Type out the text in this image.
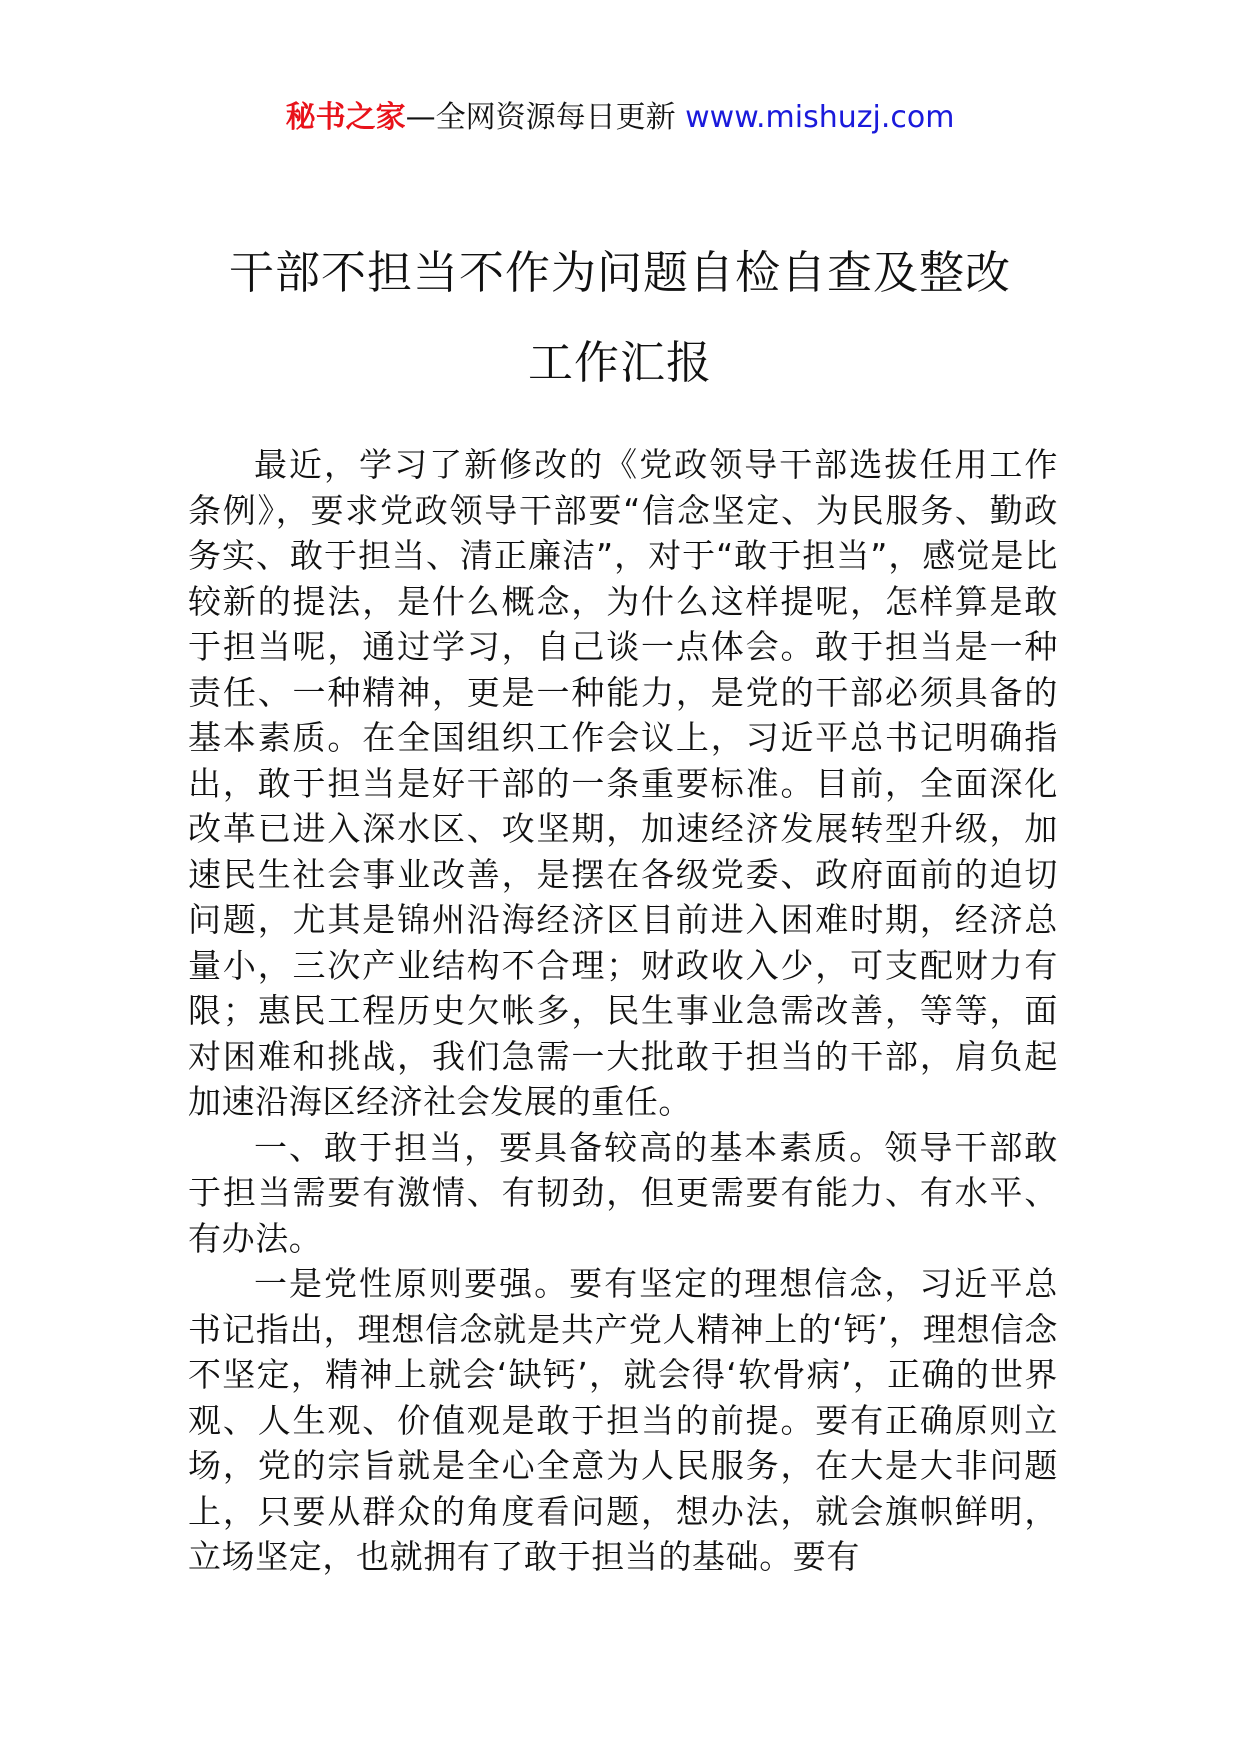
秘书之家—全网资源每日更新 www.mishuzj.com
干部不担当不作为问题自检自查及整改
工作汇报

最近，学习了新修改的《党政领导干部选拔任用工作条例》，要求党政领导干部要“信念坚定、为民服务、勤政务实、敢于担当、清正廉洁”，对于“敢于担当”，感觉是比较新的提法，是什么概念，为什么这样提呢，怎样算是敢于担当呢，通过学习，自己谈一点体会。敢于担当是一种责任、一种精神，更是一种能力，是党的干部必须具备的基本素质。在全国组织工作会议上，习近平总书记明确指出，敢于担当是好干部的一条重要标准。目前，全面深化改革已进入深水区、攻坚期，加速经济发展转型升级，加速民生社会事业改善，是摆在各级党委、政府面前的迫切问题，尤其是锦州沿海经济区目前进入困难时期，经济总量小，三次产业结构不合理；财政收入少，可支配财力有限；惠民工程历史欠帐多，民生事业急需改善，等等，面对困难和挑战，我们急需一大批敢于担当的干部，肩负起加速沿海区经济社会发展的重任。

一、敢于担当，要具备较高的基本素质。领导干部敢于担当需要有激情、有韧劲，但更需要有能力、有水平、有办法。

一是党性原则要强。要有坚定的理想信念，习近平总书记指出，理想信念就是共产党人精神上的‘钙’，理想信念不坚定，精神上就会‘缺钙’，就会得‘软骨病’，正确的世界观、人生观、价值观是敢于担当的前提。要有正确原则立场，党的宗旨就是全心全意为人民服务，在大是大非问题上，只要从群众的角度看问题，想办法，就会旗帜鲜明，立场坚定，也就拥有了敢于担当的基础。要有
